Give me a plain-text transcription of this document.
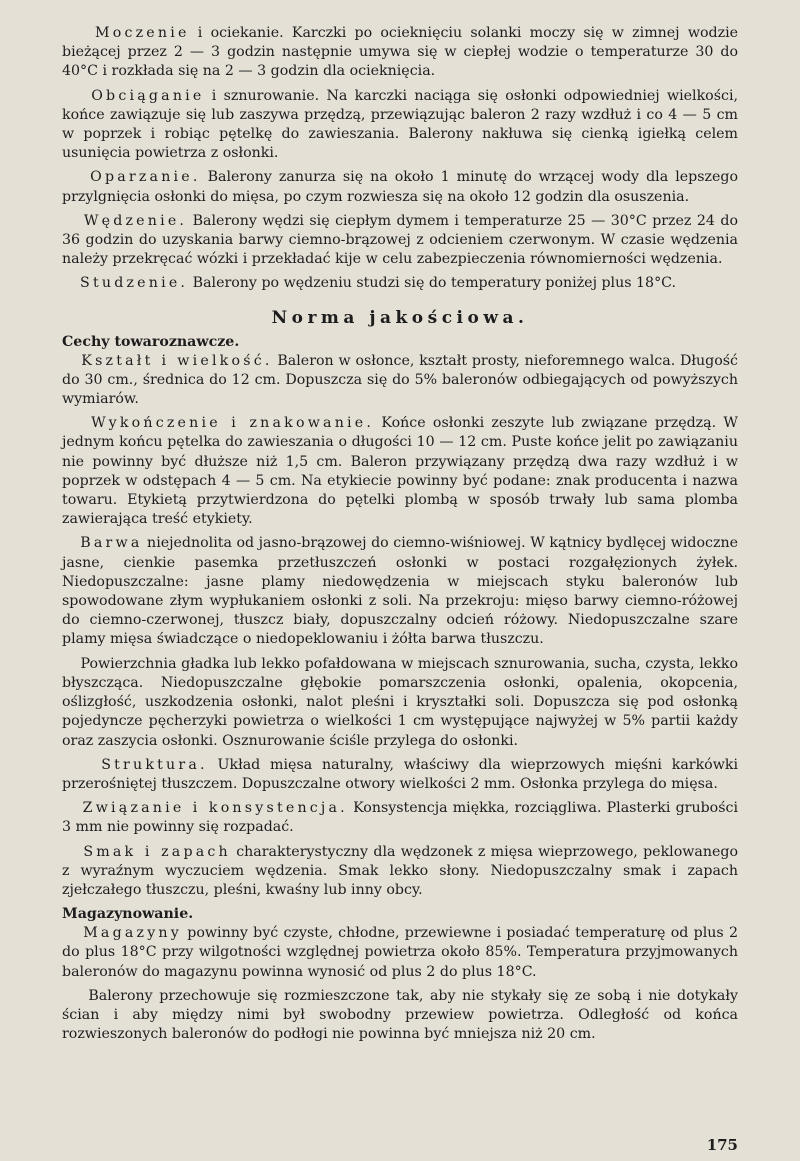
Moczenie i ociekanie. Karczki po ocieknięciu solanki moczy się w zimnej wodzie bieżącej przez 2 — 3 godzin następnie umywa się w ciepłej wodzie o temperaturze 30 do 40°C i rozkłada się na 2 — 3 godzin dla ocieknięcia.

Obciąganie i sznurowanie. Na karczki naciąga się osłonki odpowiedniej wielkości, końce zawiązuje się lub zaszywa przędzą, przewiązując baleron 2 razy wzdłuż i co 4 — 5 cm w poprzek i robiąc pętelkę do zawieszania. Balerony nakłuwa się cienką igiełką celem usunięcia powietrza z osłonki.

Oparzanie. Balerony zanurza się na około 1 minutę do wrzącej wody dla lepszego przylgnięcia osłonki do mięsa, po czym rozwiesza się na około 12 godzin dla osuszenia.

Wędzenie. Balerony wędzi się ciepłym dymem i temperaturze 25 — 30°C przez 24 do 36 godzin do uzyskania barwy ciemno-brązowej z odcieniem czerwonym. W czasie wędzenia należy przekręcać wózki i przekładać kije w celu zabezpieczenia równomierności wędzenia.

Studzenie. Balerony po wędzeniu studzi się do temperatury poniżej plus 18°C.

Norma jakościowa.
Cechy towaroznawcze.

Kształt i wielkość. Baleron w osłonce, kształt prosty, nieforemnego walca. Długość do 30 cm., średnica do 12 cm. Dopuszcza się do 5% baleronów odbiegających od powyższych wymiarów.

Wykończenie i znakowanie. Końce osłonki zeszyte lub związane przędzą. W jednym końcu pętelka do zawieszania o długości 10 — 12 cm. Puste końce jelit po zawiązaniu nie powinny być dłuższe niż 1,5 cm. Baleron przywiązany przędzą dwa razy wzdłuż i w poprzek w odstępach 4 — 5 cm. Na etykiecie powinny być podane: znak producenta i nazwa towaru. Etykietą przytwierdzona do pętelki plombą w sposób trwały lub sama plomba zawierająca treść etykiety.

Barwa niejednolita od jasno-brązowej do ciemno-wiśniowej. W kątnicy bydlęcej widoczne jasne, cienkie pasemka przetłuszczeń osłonki w postaci rozgałęzionych żyłek. Niedopuszczalne: jasne plamy niedowędzenia w miejscach styku baleronów lub spowodowane złym wypłukaniem osłonki z soli. Na przekroju: mięso barwy ciemno-różowej do ciemno-czerwonej, tłuszcz biały, dopuszczalny odcień różowy. Niedopuszczalne szare plamy mięsa świadczące o niedopeklowaniu i żółta barwa tłuszczu.

Powierzchnia gładka lub lekko pofałdowana w miejscach sznurowania, sucha, czysta, lekko błyszcząca. Niedopuszczalne głębokie pomarszczenia osłonki, opalenia, okopcenia, oślizgłość, uszkodzenia osłonki, nalot pleśni i kryształki soli. Dopuszcza się pod osłonką pojedyncze pęcherzyki powietrza o wielkości 1 cm występujące najwyżej w 5% partii każdy oraz zaszycia osłonki. Osznurowanie ściśle przylega do osłonki.

Struktura. Układ mięsa naturalny, właściwy dla wieprzowych mięśni karkówki przerośniętej tłuszczem. Dopuszczalne otwory wielkości 2 mm. Osłonka przylega do mięsa.

Związanie i konsystencja. Konsystencja miękka, rozciągliwa. Plasterki grubości 3 mm nie powinny się rozpadać.

Smak i zapach charakterystyczny dla wędzonek z mięsa wieprzowego, peklowanego z wyraźnym wyczuciem wędzenia. Smak lekko słony. Niedopuszczalny smak i zapach zjełczałego tłuszczu, pleśni, kwaśny lub inny obcy.

Magazynowanie.

Magazyny powinny być czyste, chłodne, przewiewne i posiadać temperaturę od plus 2 do plus 18°C przy wilgotności względnej powietrza około 85%. Temperatura przyjmowanych baleronów do magazynu powinna wynosić od plus 2 do plus 18°C.

Balerony przechowuje się rozmieszczone tak, aby nie stykały się ze sobą i nie dotykały ścian i aby między nimi był swobodny przewiew powietrza. Odległość od końca rozwieszonych baleronów do podłogi nie powinna być mniejsza niż 20 cm.

175
